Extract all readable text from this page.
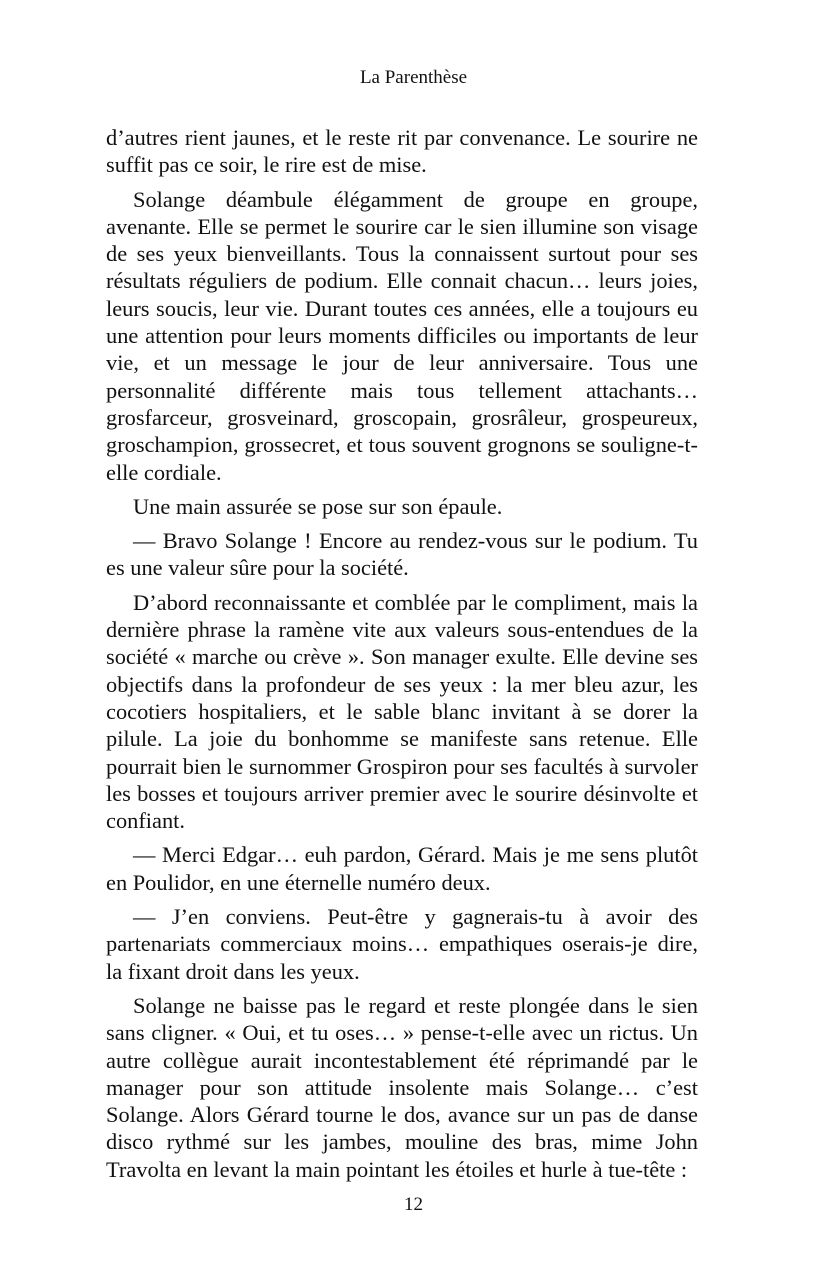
La Parenthèse

d’autres rient jaunes, et le reste rit par convenance. Le sourire ne suffit pas ce soir, le rire est de mise.

Solange déambule élégamment de groupe en groupe, avenante. Elle se permet le sourire car le sien illumine son visage de ses yeux bienveillants. Tous la connaissent surtout pour ses résultats réguliers de podium. Elle connait chacun… leurs joies, leurs soucis, leur vie. Durant toutes ces années, elle a toujours eu une attention pour leurs moments difficiles ou importants de leur vie, et un message le jour de leur anniversaire. Tous une personnalité différente mais tous tellement attachants… grosfarceur, grosveinard, groscopain, grosrâleur, grospeureux, groschampion, grossecret, et tous souvent grognons se souligne-t-elle cordiale.

Une main assurée se pose sur son épaule.

— Bravo Solange ! Encore au rendez-vous sur le podium. Tu es une valeur sûre pour la société.

D’abord reconnaissante et comblée par le compliment, mais la dernière phrase la ramène vite aux valeurs sous-entendues de la société « marche ou crève ». Son manager exulte. Elle devine ses objectifs dans la profondeur de ses yeux : la mer bleu azur, les cocotiers hospitaliers, et le sable blanc invitant à se dorer la pilule. La joie du bonhomme se manifeste sans retenue. Elle pourrait bien le surnommer Grospiron pour ses facultés à survoler les bosses et toujours arriver premier avec le sourire désinvolte et confiant.

— Merci Edgar… euh pardon, Gérard. Mais je me sens plutôt en Poulidor, en une éternelle numéro deux.

— J’en conviens. Peut-être y gagnerais-tu à avoir des partenariats commerciaux moins… empathiques oserais-je dire, la fixant droit dans les yeux.

Solange ne baisse pas le regard et reste plongée dans le sien sans cligner. « Oui, et tu oses… » pense-t-elle avec un rictus. Un autre collègue aurait incontestablement été réprimandé par le manager pour son attitude insolente mais Solange… c’est Solange. Alors Gérard tourne le dos, avance sur un pas de danse disco rythmé sur les jambes, mouline des bras, mime John Travolta en levant la main pointant les étoiles et hurle à tue-tête :

12
